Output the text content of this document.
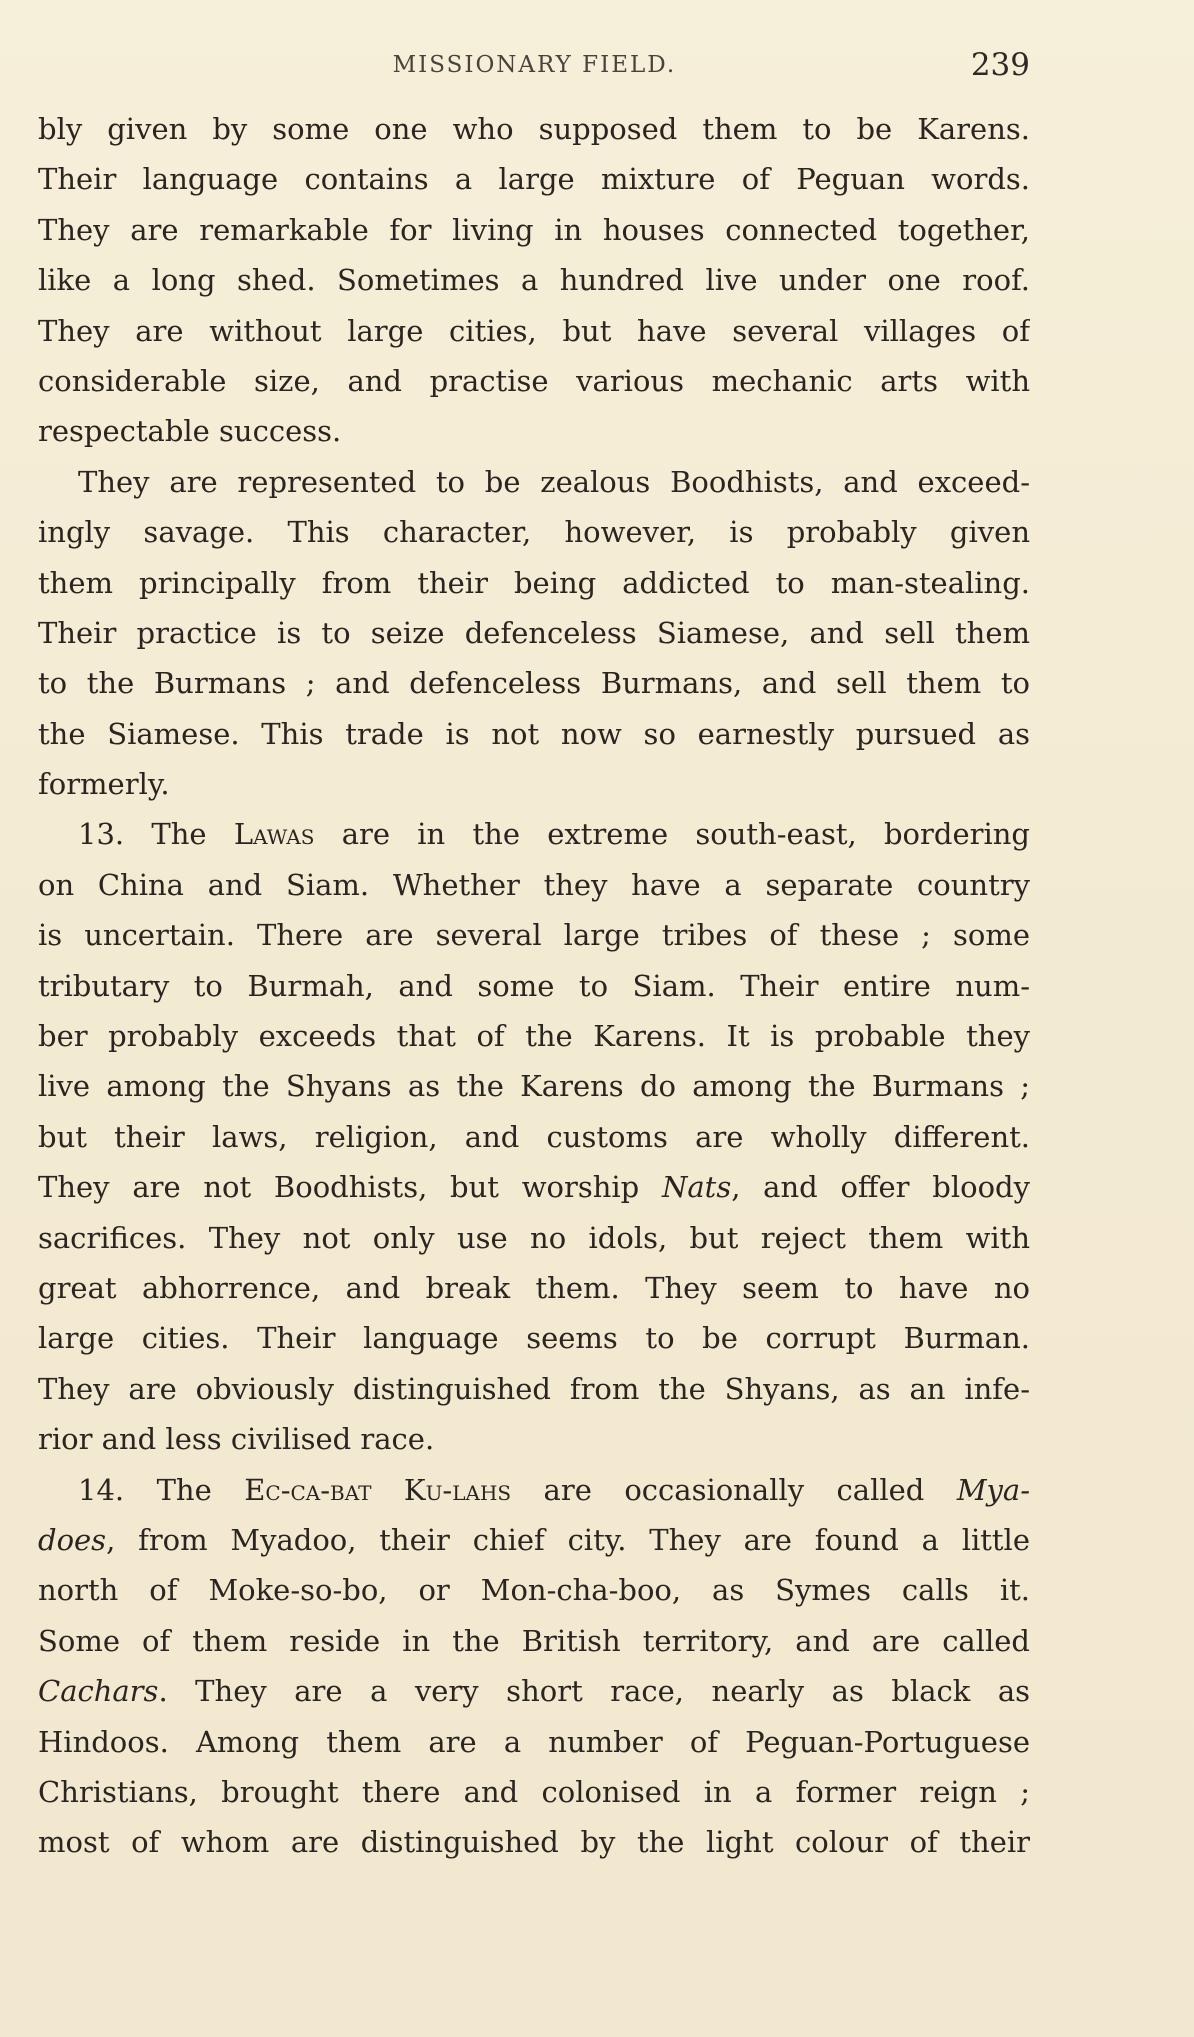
MISSIONARY FIELD.	239
bly given by some one who supposed them to be Karens.
Their language contains a large mixture of Peguan words.
They are remarkable for living in houses connected together,
like a long shed. Sometimes a hundred live under one roof.
They are without large cities, but have several villages of
considerable size, and practise various mechanic arts with
respectable success.
They are represented to be zealous Boodhists, and exceed-
ingly savage. This character, however, is probably given
them principally from their being addicted to man-stealing.
Their practice is to seize defenceless Siamese, and sell them
to the Burmans ; and defenceless Burmans, and sell them to
the Siamese. This trade is not now so earnestly pursued as
formerly.
13. The Lawas are in the extreme south-east, bordering
on China and Siam. Whether they have a separate country
is uncertain. There are several large tribes of these ; some
tributary to Burmah, and some to Siam. Their entire num-
ber probably exceeds that of the Karens. It is probable they
live among the Shyans as the Karens do among the Burmans ;
but their laws, religion, and customs are wholly different.
They are not Boodhists, but worship Nats, and offer bloody
sacrifices. They not only use no idols, but reject them with
great abhorrence, and break them. They seem to have no
large cities. Their language seems to be corrupt Burman.
They are obviously distinguished from the Shyans, as an infe-
rior and less civilised race.
14. The Ec-ca-bat Ku-lahs are occasionally called Mya-
does, from Myadoo, their chief city. They are found a little
north of Moke-so-bo, or Mon-cha-boo, as Symes calls it.
Some of them reside in the British territory, and are called
Cachars. They are a very short race, nearly as black as
Hindoos. Among them are a number of Peguan-Portuguese
Christians, brought there and colonised in a former reign ;
most of whom are distinguished by the light colour of their
